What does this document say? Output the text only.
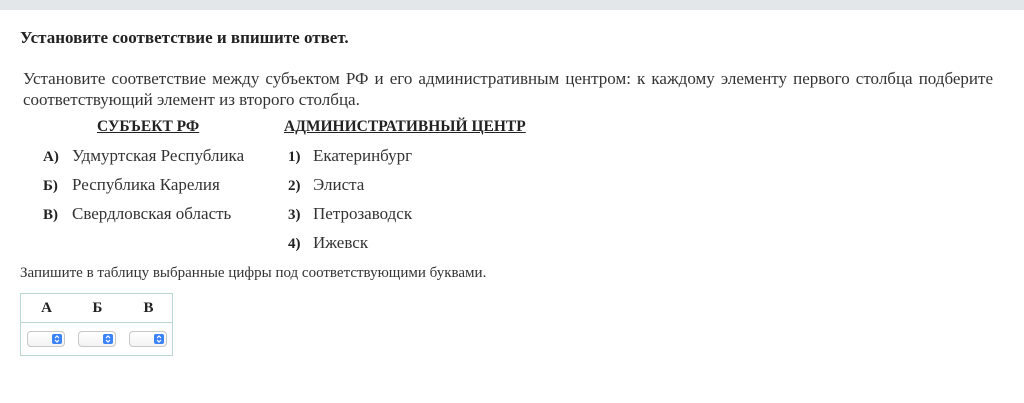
Установите соответствие и впишите ответ.
Установите соответствие между субъектом РФ и его административным центром: к каждому элементу первого столбца подберите соответствующий элемент из второго столбца.
СУБЪЕКТ РФ	АДМИНИСТРАТИВНЫЙ ЦЕНТР
А) Удмуртская Республика
Б) Республика Карелия
В) Свердловская область
1) Екатеринбург
2) Элиста
3) Петрозаводск
4) Ижевск
Запишите в таблицу выбранные цифры под соответствующими буквами.
А	Б	В
